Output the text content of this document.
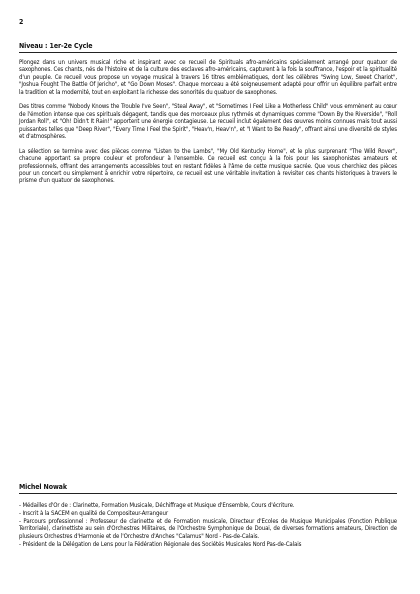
2
Niveau : 1er-2e Cycle

Plongez dans un univers musical riche et inspirant avec ce recueil de Spirituals afro-américains spécialement arrangé pour quatuor de saxophones. Ces chants, nés de l'histoire et de la culture des esclaves afro-américains, capturent à la fois la souffrance, l'espoir et la spiritualité d'un peuple. Ce recueil vous propose un voyage musical à travers 16 titres emblématiques, dont les célèbres "Swing Low, Sweet Chariot", "Joshua Fought The Battle Of Jericho", et "Go Down Moses". Chaque morceau a été soigneusement adapté pour offrir un équilibre parfait entre la tradition et la modernité, tout en exploitant la richesse des sonorités du quatuor de saxophones.

Des titres comme "Nobody Knows the Trouble I've Seen", "Steal Away", et "Sometimes I Feel Like a Motherless Child" vous emmènent au cœur de l'émotion intense que ces spirituals dégagent, tandis que des morceaux plus rythmés et dynamiques comme "Down By the Riverside", "Roll Jordan Roll", et "Oh! Didn't It Rain!" apportent une énergie contagieuse. Le recueil inclut également des œuvres moins connues mais tout aussi puissantes telles que "Deep River", "Every Time I Feel the Spirit", "Heav'n, Heav'n", et "I Want to Be Ready", offrant ainsi une diversité de styles et d'atmosphères.

La sélection se termine avec des pièces comme "Listen to the Lambs", "My Old Kentucky Home", et le plus surprenant "The Wild Rover", chacune apportant sa propre couleur et profondeur à l'ensemble. Ce recueil est conçu à la fois pour les saxophonistes amateurs et professionnels, offrant des arrangements accessibles tout en restant fidèles à l'âme de cette musique sacrée. Que vous cherchiez des pièces pour un concert ou simplement à enrichir votre répertoire, ce recueil est une véritable invitation à revisiter ces chants historiques à travers le prisme d'un quatuor de saxophones.

Michel Nowak
- Médailles d'Or de : Clarinette, Formation Musicale, Déchiffrage et Musique d'Ensemble, Cours d'écriture.
- Inscrit à la SACEM en qualité de Compositeur-Arrangeur
- Parcours professionnel : Professeur de clarinette et de Formation musicale, Directeur d'Ecoles de Musique Municipales (Fonction Publique Territoriale), clarinettiste au sein d'Orchestres Militaires, de l'Orchestre Symphonique de Douai, de diverses formations amateurs, Direction de plusieurs Orchestres d'Harmonie et de l'Orchestre d'Anches "Calamus" Nord - Pas-de-Calais.
- Président de la Délégation de Lens pour la Fédération Régionale des Sociétés Musicales Nord Pas-de-Calais
